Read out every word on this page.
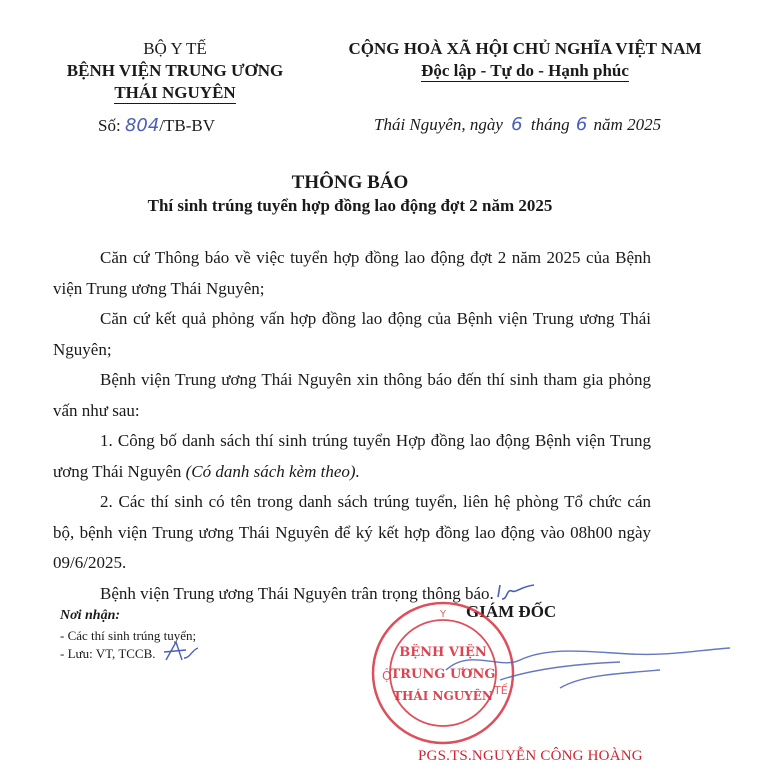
BỘ Y TẾ
BỆNH VIỆN TRUNG ƯƠNG
THÁI NGUYÊN
CỘNG HOÀ XÃ HỘI CHỦ NGHĨA VIỆT NAM
Độc lập - Tự do - Hạnh phúc
Số: 804/TB-BV	Thái Nguyên, ngày 6 tháng 6 năm 2025
THÔNG BÁO
Thí sinh trúng tuyển hợp đồng lao động đợt 2 năm 2025

Căn cứ Thông báo về việc tuyển hợp đồng lao động đợt 2 năm 2025 của Bệnh viện Trung ương Thái Nguyên;

Căn cứ kết quả phỏng vấn hợp đồng lao động của Bệnh viện Trung ương Thái Nguyên;

Bệnh viện Trung ương Thái Nguyên xin thông báo đến thí sinh tham gia phỏng vấn như sau:

1. Công bố danh sách thí sinh trúng tuyển Hợp đồng lao động Bệnh viện Trung ương Thái Nguyên (Có danh sách kèm theo).

2. Các thí sinh có tên trong danh sách trúng tuyển, liên hệ phòng Tổ chức cán bộ, bệnh viện Trung ương Thái Nguyên để ký kết hợp đồng lao động vào 08h00 ngày 09/6/2025.

Bệnh viện Trung ương Thái Nguyên trân trọng thông báo.

Nơi nhận:
- Các thí sinh trúng tuyển;
- Lưu: VT, TCCB.
GIÁM ĐỐC
Y
Ộ
TẾ
BỆNH VIỆN
TRUNG ƯƠNG
THÁI NGUYÊN
PGS.TS.NGUYỄN CÔNG HOÀNG
